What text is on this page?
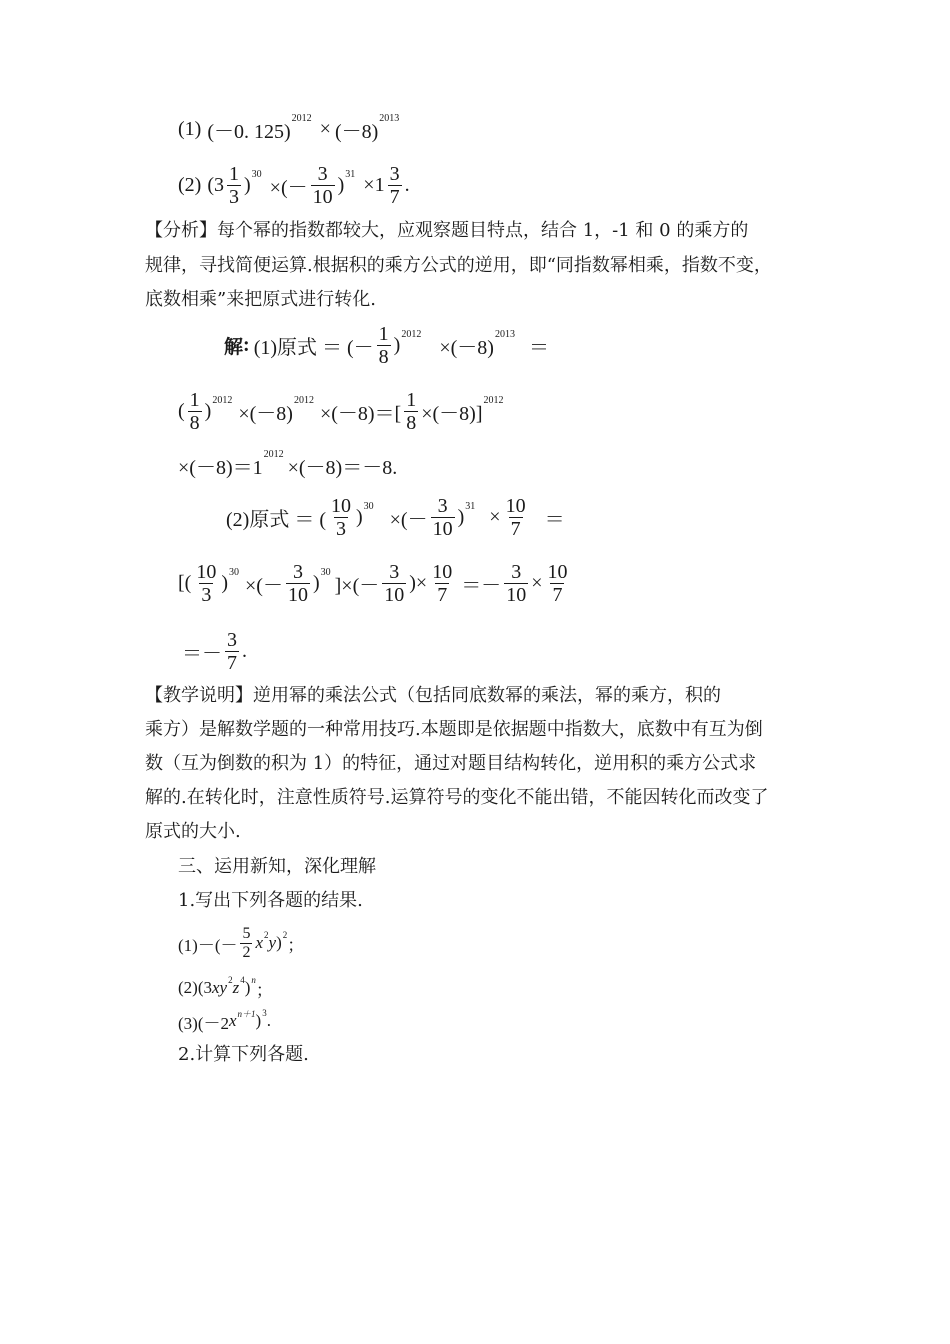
(1) (－0. 125)
$^{2012}$ × (－8)
$^{2013}$
(2) $(3 \frac{1}{3} )^{30}$
×(－ $\frac{3}{10} )^{31} \times 1 \frac{3}{7}$ .
【分析】每个幂的指数都较大，应观察题目特点，结合 1，-1 和 0 的乘方的
规律，寻找简便运算.根据积的乘方公式的逆用，即“同指数幂相乘，指数不变，
底数相乘”来把原式进行转化.
解 : (1)原式 ＝ (－ $\frac{1}{8} )^{2012}$
×(－8)
$^{2013}$
＝
( $\frac{1}{8} )^{2012}$
×(－8)
$^{2012}$
$\times(-8)=[ \frac{1}{8} \times(-8)]$
$^{2012}$
×(－8)＝1
$^{2012}$
×(－8)＝－8.
(2)原式 ＝ ( $\frac{10}{3} )^{30}$
×(－ $\frac{3}{10} )^{31} \times \frac{10}{7}$ ＝
[( $\frac{10}{3} )^{30}$
×(－ $\frac{3}{10} )^{30}$
]×(－ $\frac{3}{10}$ )× $\frac{10}{7} =- \frac{3}{10} \times \frac{10}{7}$
＝－ $\frac{3}{7}$ .
【教学说明】逆用幂的乘法公式（包括同底数幂的乘法，幂的乘方，积的
乘方）是解数学题的一种常用技巧.本题即是依据题中指数大，底数中有互为倒
数（互为倒数的积为 1）的特征，通过对题目结构转化，逆用积的乘方公式求
解的.在转化时，注意性质符号.运算符号的变化不能出错，不能因转化而改变了
原式的大小.
三、运用新知，深化理解
1.写出下列各题的结果.
$(1)-(- \frac{5}{2} x^2$ y )$^2$
；
(2)(3 x $y^2$ $z^4$ )$^n$
；
(3)(－2 $x^{n+1}$ )$^3$ .
2.计算下列各题.
